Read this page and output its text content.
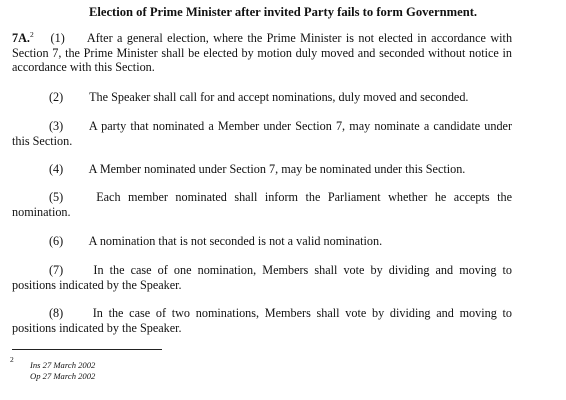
Election of Prime Minister after invited Party fails to form Government.
7A.$^2$ (1) After a general election, where the Prime Minister is not elected in accordance with
Section 7, the Prime Minister shall be elected by motion duly moved and seconded without notice in accordance with this Section.
(2) The Speaker shall call for and accept nominations, duly moved and seconded.
(3) A party that nominated a Member under Section 7, may nominate a candidate under
this Section.
(4) A Member nominated under Section 7, may be nominated under this Section.
(5)	Each member nominated shall inform the Parliament whether he accepts the
nomination.
(6) A nomination that is not seconded is not a valid nomination.
(7) In the case of one nomination, Members shall vote by dividing and moving to
positions indicated by the Speaker.
(8) In the case of two nominations, Members shall vote by dividing and moving to
positions indicated by the Speaker.
2
Ins 27 March 2002
Op 27 March 2002
